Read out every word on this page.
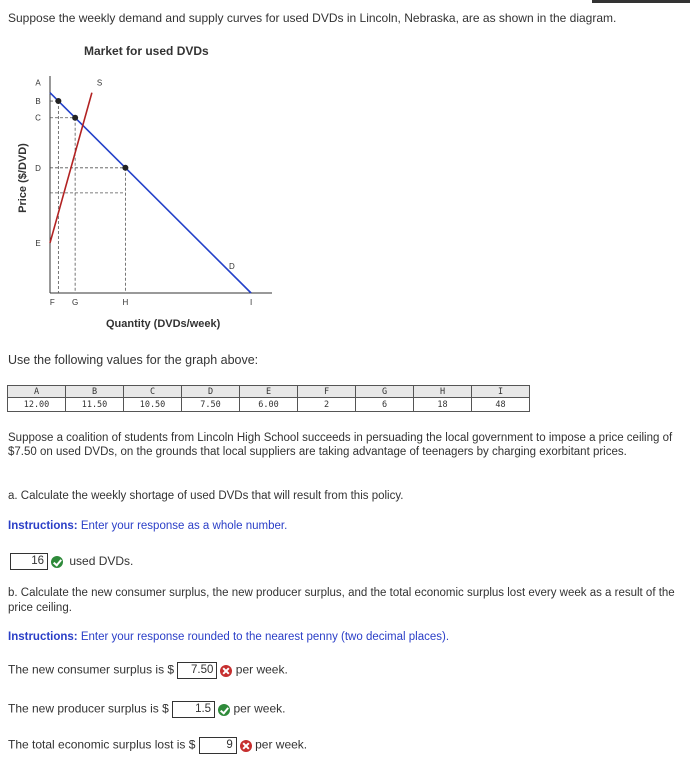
Suppose the weekly demand and supply curves for used DVDs in Lincoln, Nebraska, are as shown in the diagram.
Market for used DVDs
Price ($/DVD)
D
S
A
B
C
D
E
F G	H	I
Quantity (DVDs/week)
Use the following values for the graph above:
A	B	C	D	E	F	G	H	I
12.00	11.50	10.50	7.50	6.00	2	6	18	48
Suppose a coalition of students from Lincoln High School succeeds in persuading the local government to impose a price ceiling of $7.50 on used DVDs, on the grounds that local suppliers are taking advantage of teenagers by charging exorbitant prices.
a. Calculate the weekly shortage of used DVDs that will result from this policy.
Instructions: Enter your response as a whole number.
16 used DVDs.
b. Calculate the new consumer surplus, the new producer surplus, and the total economic surplus lost every week as a result of the price ceiling.
Instructions: Enter your response rounded to the nearest penny (two decimal places).
The new consumer surplus is $ 7.50 per week.
The new producer surplus is $ 1.5 per week.
The total economic surplus lost is $	9 per week.
